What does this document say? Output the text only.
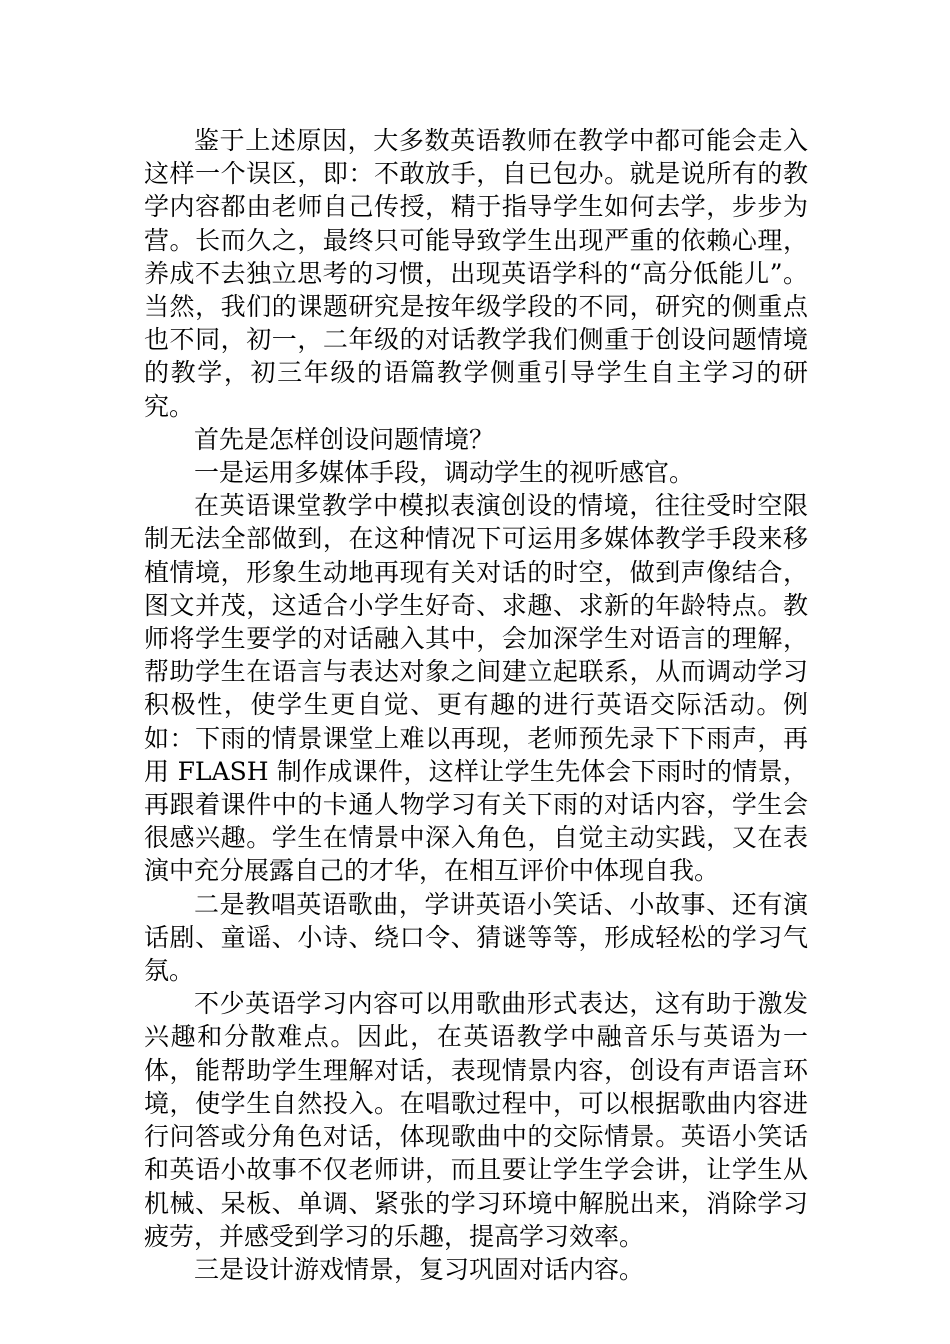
鉴于上述原因，大多数英语教师在教学中都可能会走入这样一个误区，即：不敢放手，自已包办。就是说所有的教学内容都由老师自己传授，精于指导学生如何去学，步步为营。长而久之，最终只可能导致学生出现严重的依赖心理，养成不去独立思考的习惯，出现英语学科的“高分低能儿”。当然，我们的课题研究是按年级学段的不同，研究的侧重点也不同，初一，二年级的对话教学我们侧重于创设问题情境的教学，初三年级的语篇教学侧重引导学生自主学习的研究。

首先是怎样创设问题情境？

一是运用多媒体手段，调动学生的视听感官。

在英语课堂教学中模拟表演创设的情境，往往受时空限制无法全部做到，在这种情况下可运用多媒体教学手段来移植情境，形象生动地再现有关对话的时空，做到声像结合，图文并茂，这适合小学生好奇、求趣、求新的年龄特点。教师将学生要学的对话融入其中，会加深学生对语言的理解，帮助学生在语言与表达对象之间建立起联系，从而调动学习积极性，使学生更自觉、更有趣的进行英语交际活动。例如：下雨的情景课堂上难以再现，老师预先录下下雨声，再用 FLASH 制作成课件，这样让学生先体会下雨时的情景，再跟着课件中的卡通人物学习有关下雨的对话内容，学生会很感兴趣。学生在情景中深入角色，自觉主动实践，又在表演中充分展露自己的才华，在相互评价中体现自我。

二是教唱英语歌曲，学讲英语小笑话、小故事、还有演话剧、童谣、小诗、绕口令、猜谜等等，形成轻松的学习气氛。

不少英语学习内容可以用歌曲形式表达，这有助于激发兴趣和分散难点。因此，在英语教学中融音乐与英语为一体，能帮助学生理解对话，表现情景内容，创设有声语言环境，使学生自然投入。在唱歌过程中，可以根据歌曲内容进行问答或分角色对话，体现歌曲中的交际情景。英语小笑话和英语小故事不仅老师讲，而且要让学生学会讲，让学生从机械、呆板、单调、紧张的学习环境中解脱出来，消除学习疲劳，并感受到学习的乐趣，提高学习效率。

三是设计游戏情景，复习巩固对话内容。
